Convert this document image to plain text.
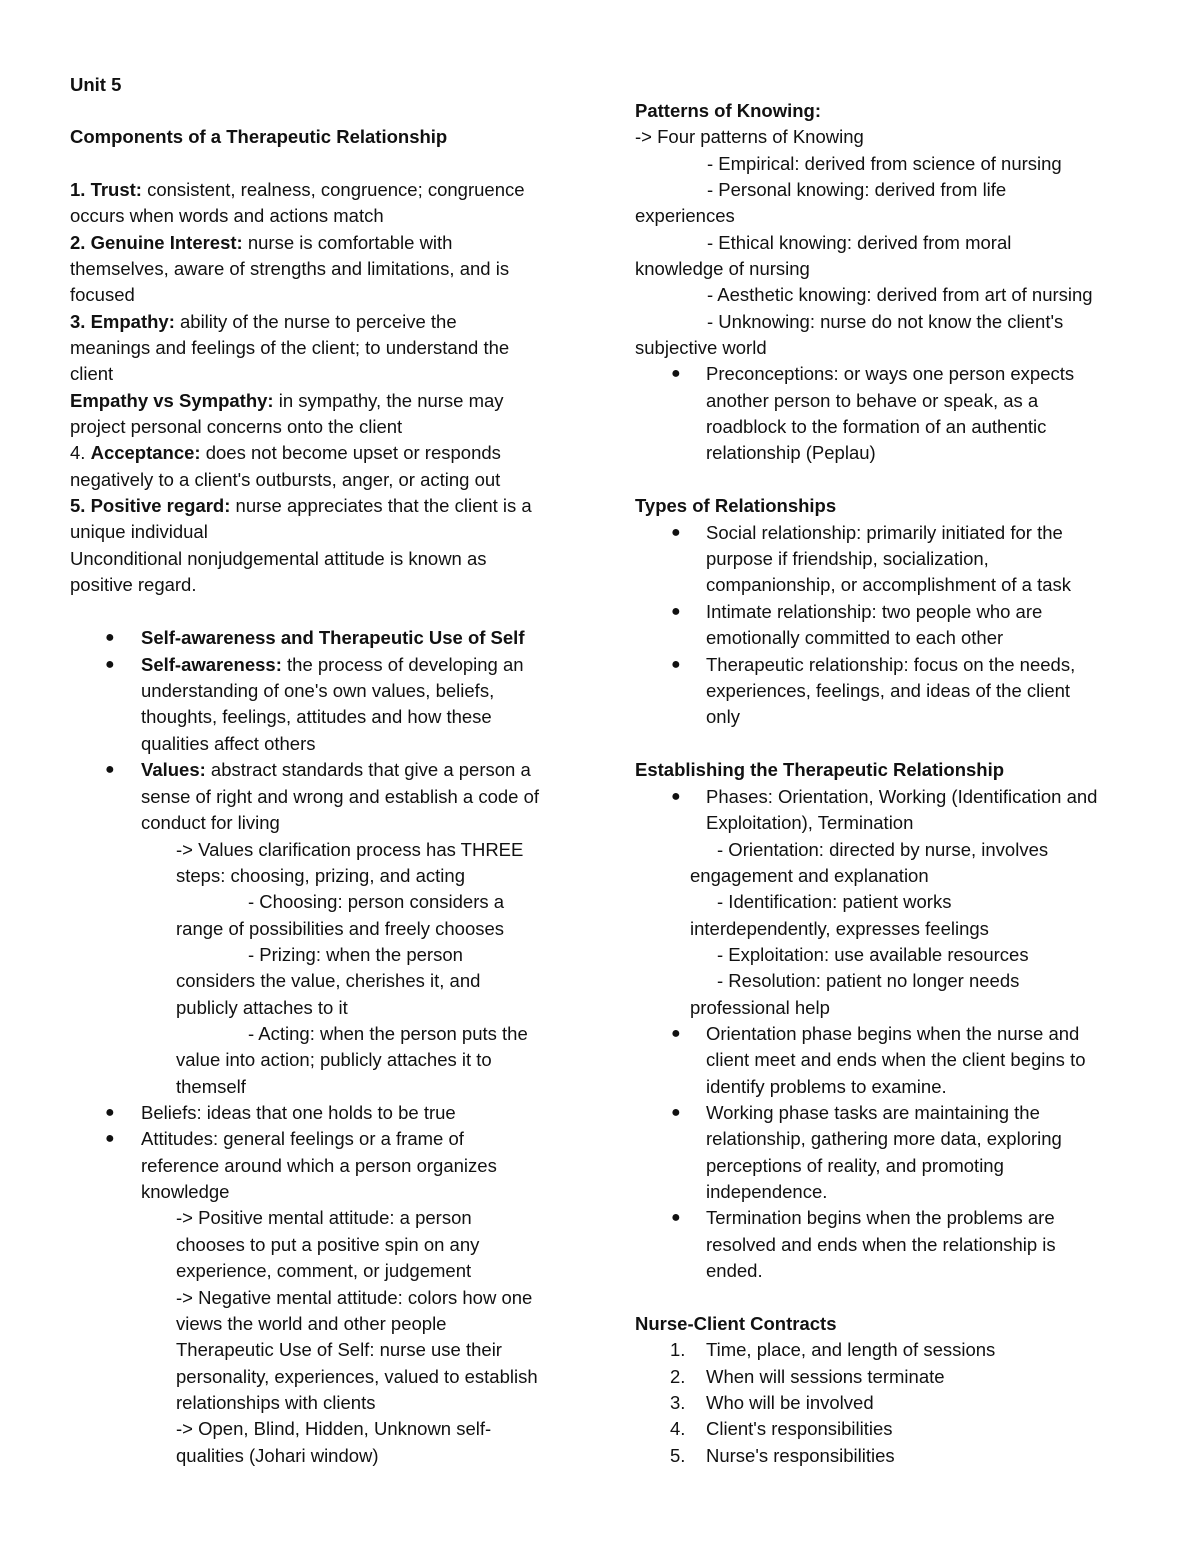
Unit 5
Components of a Therapeutic Relationship
1. Trust: consistent, realness, congruence; congruence
occurs when words and actions match
2. Genuine Interest: nurse is comfortable with
themselves, aware of strengths and limitations, and is
focused
3. Empathy: ability of the nurse to perceive the
meanings and feelings of the client; to understand the
client
Empathy vs Sympathy: in sympathy, the nurse may
project personal concerns onto the client
4. Acceptance: does not become upset or responds
negatively to a client's outbursts, anger, or acting out
5. Positive regard: nurse appreciates that the client is a
unique individual
Unconditional nonjudgemental attitude is known as
positive regard.
● Self-awareness and Therapeutic Use of Self
● Self-awareness: the process of developing an
understanding of one's own values, beliefs,
thoughts, feelings, attitudes and how these
qualities affect others
● Values: abstract standards that give a person a
sense of right and wrong and establish a code of
conduct for living
-> Values clarification process has THREE
steps: choosing, prizing, and acting
- Choosing: person considers a
range of possibilities and freely chooses
- Prizing: when the person
considers the value, cherishes it, and
publicly attaches to it
- Acting: when the person puts the
value into action; publicly attaches it to
themself
● Beliefs: ideas that one holds to be true
● Attitudes: general feelings or a frame of
reference around which a person organizes
knowledge
-> Positive mental attitude: a person
chooses to put a positive spin on any
experience, comment, or judgement
-> Negative mental attitude: colors how one
views the world and other people
Therapeutic Use of Self: nurse use their
personality, experiences, valued to establish
relationships with clients
-> Open, Blind, Hidden, Unknown self-
qualities (Johari window)
Patterns of Knowing:
-> Four patterns of Knowing
- Empirical: derived from science of nursing
- Personal knowing: derived from life
experiences
- Ethical knowing: derived from moral
knowledge of nursing
- Aesthetic knowing: derived from art of nursing
- Unknowing: nurse do not know the client's
subjective world
● Preconceptions: or ways one person expects
another person to behave or speak, as a
roadblock to the formation of an authentic
relationship (Peplau)
Types of Relationships
● Social relationship: primarily initiated for the
purpose if friendship, socialization,
companionship, or accomplishment of a task
● Intimate relationship: two people who are
emotionally committed to each other
● Therapeutic relationship: focus on the needs,
experiences, feelings, and ideas of the client
only
Establishing the Therapeutic Relationship
● Phases: Orientation, Working (Identification and
Exploitation), Termination
- Orientation: directed by nurse, involves
engagement and explanation
- Identification: patient works
interdependently, expresses feelings
- Exploitation: use available resources
- Resolution: patient no longer needs
professional help
● Orientation phase begins when the nurse and
client meet and ends when the client begins to
identify problems to examine.
● Working phase tasks are maintaining the
relationship, gathering more data, exploring
perceptions of reality, and promoting
independence.
● Termination begins when the problems are
resolved and ends when the relationship is
ended.
Nurse-Client Contracts
1. Time, place, and length of sessions
2. When will sessions terminate
3. Who will be involved
4. Client's responsibilities
5. Nurse's responsibilities
